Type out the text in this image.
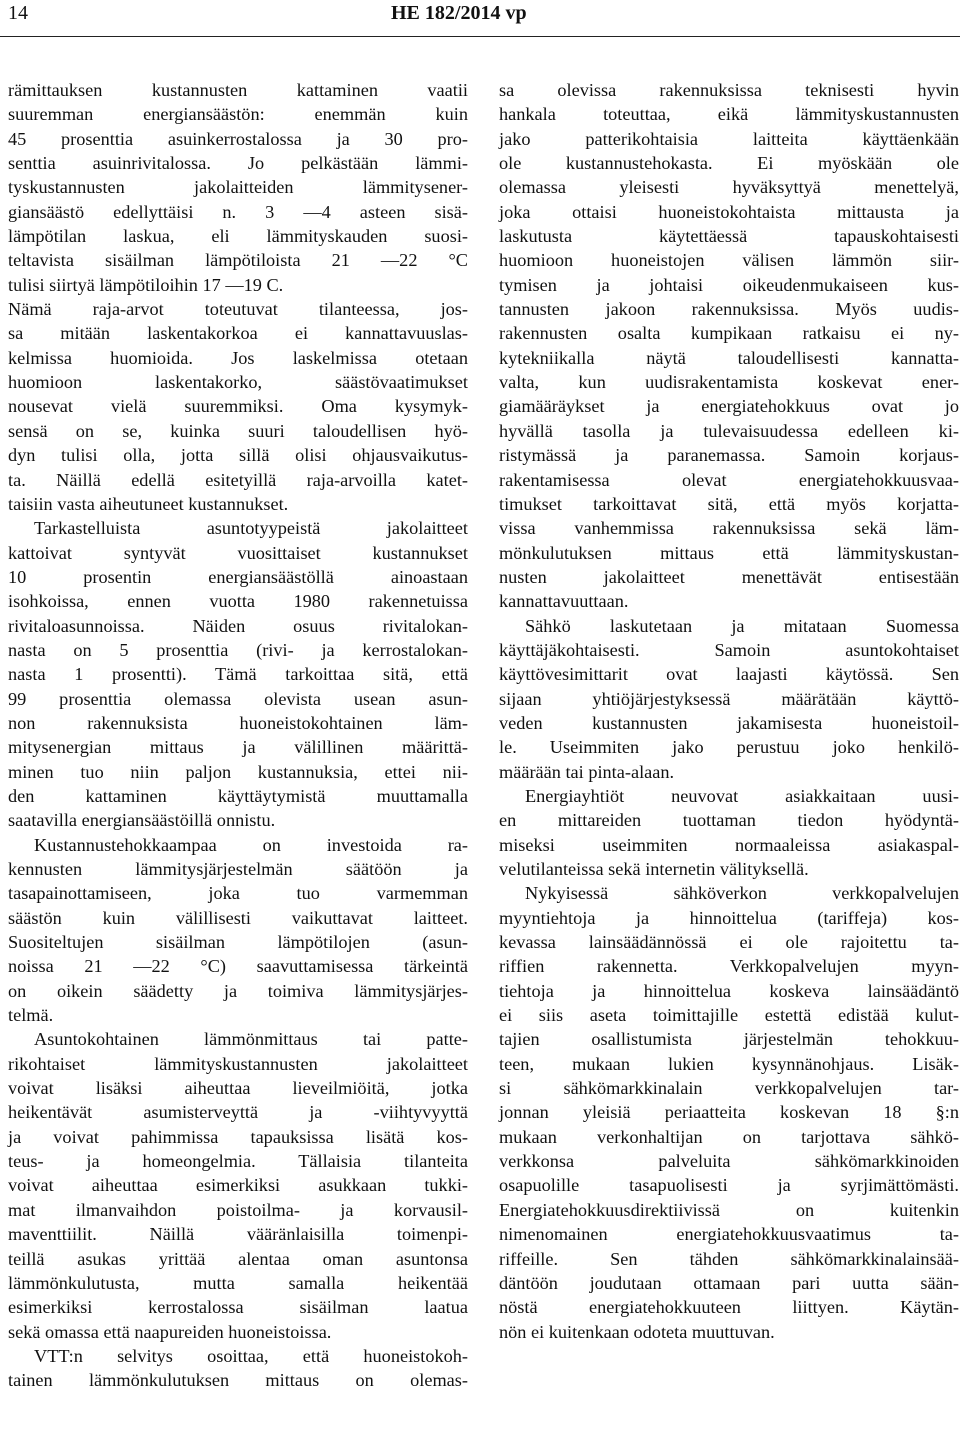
14	HE 182/2014 vp
rämittauksen kustannusten kattaminen vaatii
suuremman energiansäästön: enemmän kuin
45 prosenttia asuinkerrostalossa ja 30 pro-
senttia asuinrivitalossa. Jo pelkästään lämmi-
tyskustannusten jakolaitteiden lämmitysener-
giansäästö edellyttäisi n. 3 —4 asteen sisä-
lämpötilan laskua, eli lämmityskauden suosi-
teltavista sisäilman lämpötiloista 21 —22 °C
tulisi siirtyä lämpötiloihin 17 —19 C.
Nämä raja-arvot toteutuvat tilanteessa, jos-
sa mitään laskentakorkoa ei kannattavuuslas-
kelmissa huomioida. Jos laskelmissa otetaan
huomioon laskentakorko, säästövaatimukset
nousevat vielä suuremmiksi. Oma kysymyk-
sensä on se, kuinka suuri taloudellisen hyö-
dyn tulisi olla, jotta sillä olisi ohjausvaikutus-
ta. Näillä edellä esitetyillä raja-arvoilla katet-
taisiin vasta aiheutuneet kustannukset.
Tarkastelluista asuntotyypeistä jakolaitteet
kattoivat syntyvät vuosittaiset kustannukset
10 prosentin energiansäästöllä ainoastaan
isohkoissa, ennen vuotta 1980 rakennetuissa
rivitaloasunnoissa. Näiden osuus rivitalokan-
nasta on 5 prosenttia (rivi- ja kerrostalokan-
nasta 1 prosentti). Tämä tarkoittaa sitä, että
99 prosenttia olemassa olevista usean asun-
non rakennuksista huoneistokohtainen läm-
mitysenergian mittaus ja välillinen määrittä-
minen tuo niin paljon kustannuksia, ettei nii-
den kattaminen käyttäytymistä muuttamalla
saatavilla energiansäästöillä onnistu.
Kustannustehokkaampaa on investoida ra-
kennusten lämmitysjärjestelmän säätöön ja
tasapainottamiseen, joka tuo varmemman
säästön kuin välillisesti vaikuttavat laitteet.
Suositeltujen sisäilman lämpötilojen (asun-
noissa 21 —22 °C) saavuttamisessa tärkeintä
on oikein säädetty ja toimiva lämmitysjärjes-
telmä.
Asuntokohtainen lämmönmittaus tai patte-
rikohtaiset lämmityskustannusten jakolaitteet
voivat lisäksi aiheuttaa lieveilmiöitä, jotka
heikentävät asumisterveyttä ja -viihtyvyyttä
ja voivat pahimmissa tapauksissa lisätä kos-
teus- ja homeongelmia. Tällaisia tilanteita
voivat aiheuttaa esimerkiksi asukkaan tukki-
mat ilmanvaihdon poistoilma- ja korvausil-
maventtiilit. Näillä vääränlaisilla toimenpi-
teillä asukas yrittää alentaa oman asuntonsa
lämmönkulutusta, mutta samalla heikentää
esimerkiksi kerrostalossa sisäilman laatua
sekä omassa että naapureiden huoneistoissa.
VTT:n selvitys osoittaa, että huoneistokoh-
tainen lämmönkulutuksen mittaus on olemas-
sa olevissa rakennuksissa teknisesti hyvin
hankala toteuttaa, eikä lämmityskustannusten
jako patterikohtaisia laitteita käyttäenkään
ole kustannustehokasta. Ei myöskään ole
olemassa yleisesti hyväksyttyä menettelyä,
joka ottaisi huoneistokohtaista mittausta ja
laskutusta käytettäessä tapauskohtaisesti
huomioon huoneistojen välisen lämmön siir-
tymisen ja johtaisi oikeudenmukaiseen kus-
tannusten jakoon rakennuksissa. Myös uudis-
rakennusten osalta kumpikaan ratkaisu ei ny-
kytekniikalla näytä taloudellisesti kannatta-
valta, kun uudisrakentamista koskevat ener-
giamääräykset ja energiatehokkuus ovat jo
hyvällä tasolla ja tulevaisuudessa edelleen ki-
ristymässä ja paranemassa. Samoin korjaus-
rakentamisessa olevat energiatehokkuusvaa-
timukset tarkoittavat sitä, että myös korjatta-
vissa vanhemmissa rakennuksissa sekä läm-
mönkulutuksen mittaus että lämmityskustan-
nusten jakolaitteet menettävät entisestään
kannattavuuttaan.
Sähkö laskutetaan ja mitataan Suomessa
käyttäjäkohtaisesti. Samoin asuntokohtaiset
käyttövesimittarit ovat laajasti käytössä. Sen
sijaan yhtiöjärjestyksessä määrätään käyttö-
veden kustannusten jakamisesta huoneistoil-
le. Useimmiten jako perustuu joko henkilö-
määrään tai pinta-alaan.
Energiayhtiöt neuvovat asiakkaitaan uusi-
en mittareiden tuottaman tiedon hyödyntä-
miseksi useimmiten normaaleissa asiakaspal-
velutilanteissa sekä internetin välityksellä.
Nykyisessä sähköverkon verkkopalvelujen
myyntiehtoja ja hinnoittelua (tariffeja) kos-
kevassa lainsäädännössä ei ole rajoitettu ta-
riffien rakennetta. Verkkopalvelujen myyn-
tiehtoja ja hinnoittelua koskeva lainsäädäntö
ei siis aseta toimittajille estettä edistää kulut-
tajien osallistumista järjestelmän tehokkuu-
teen, mukaan lukien kysynnänohjaus. Lisäk-
si sähkömarkkinalain verkkopalvelujen tar-
jonnan yleisiä periaatteita koskevan 18 §:n
mukaan verkonhaltijan on tarjottava sähkö-
verkkonsa palveluita sähkömarkkinoiden
osapuolille tasapuolisesti ja syrjimättömästi.
Energiatehokkuusdirektiivissä on kuitenkin
nimenomainen energiatehokkuusvaatimus ta-
riffeille. Sen tähden sähkömarkkinalainsää-
däntöön joudutaan ottamaan pari uutta sään-
nöstä energiatehokkuuteen liittyen. Käytän-
nön ei kuitenkaan odoteta muuttuvan.
